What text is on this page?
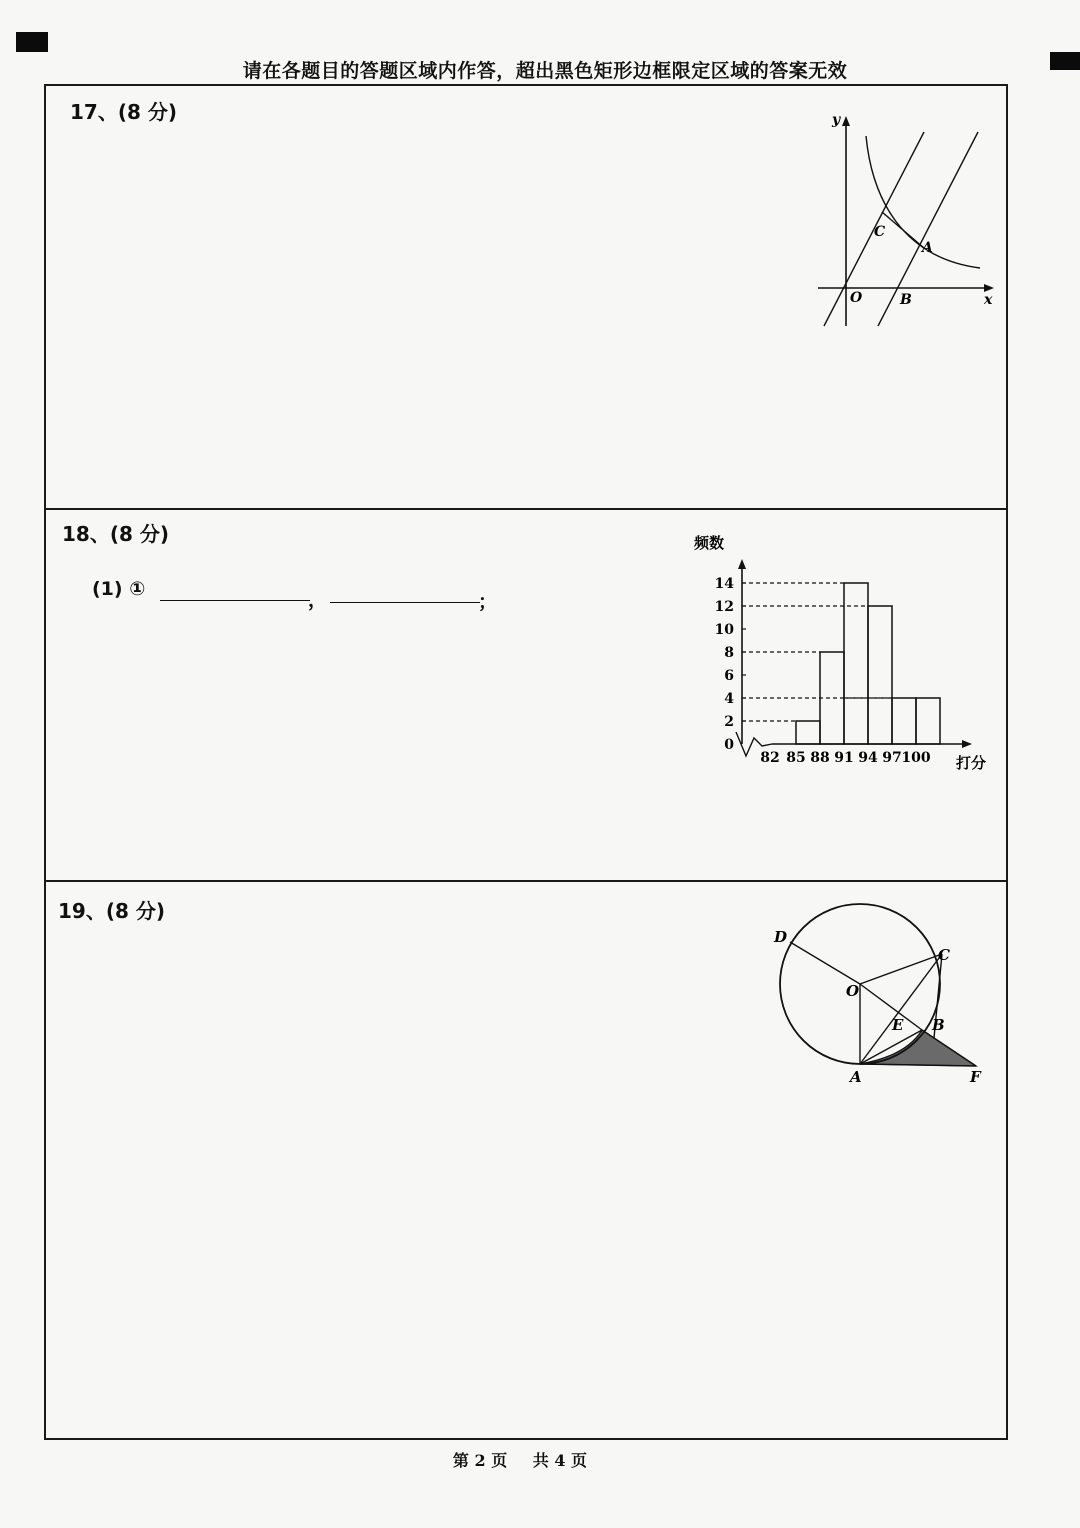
请在各题目的答题区域内作答，超出黑色矩形边框限定区域的答案无效
17、(8 分)	y
x
O	B
C
A
18、(8 分)
(1) ①	，	；
频数
打分
0
2
4
6
8
10
12
14
82 85 88 91 94 97 100
19、(8 分)
D
C
O
E B
A	F
第 2 页 共 4 页
